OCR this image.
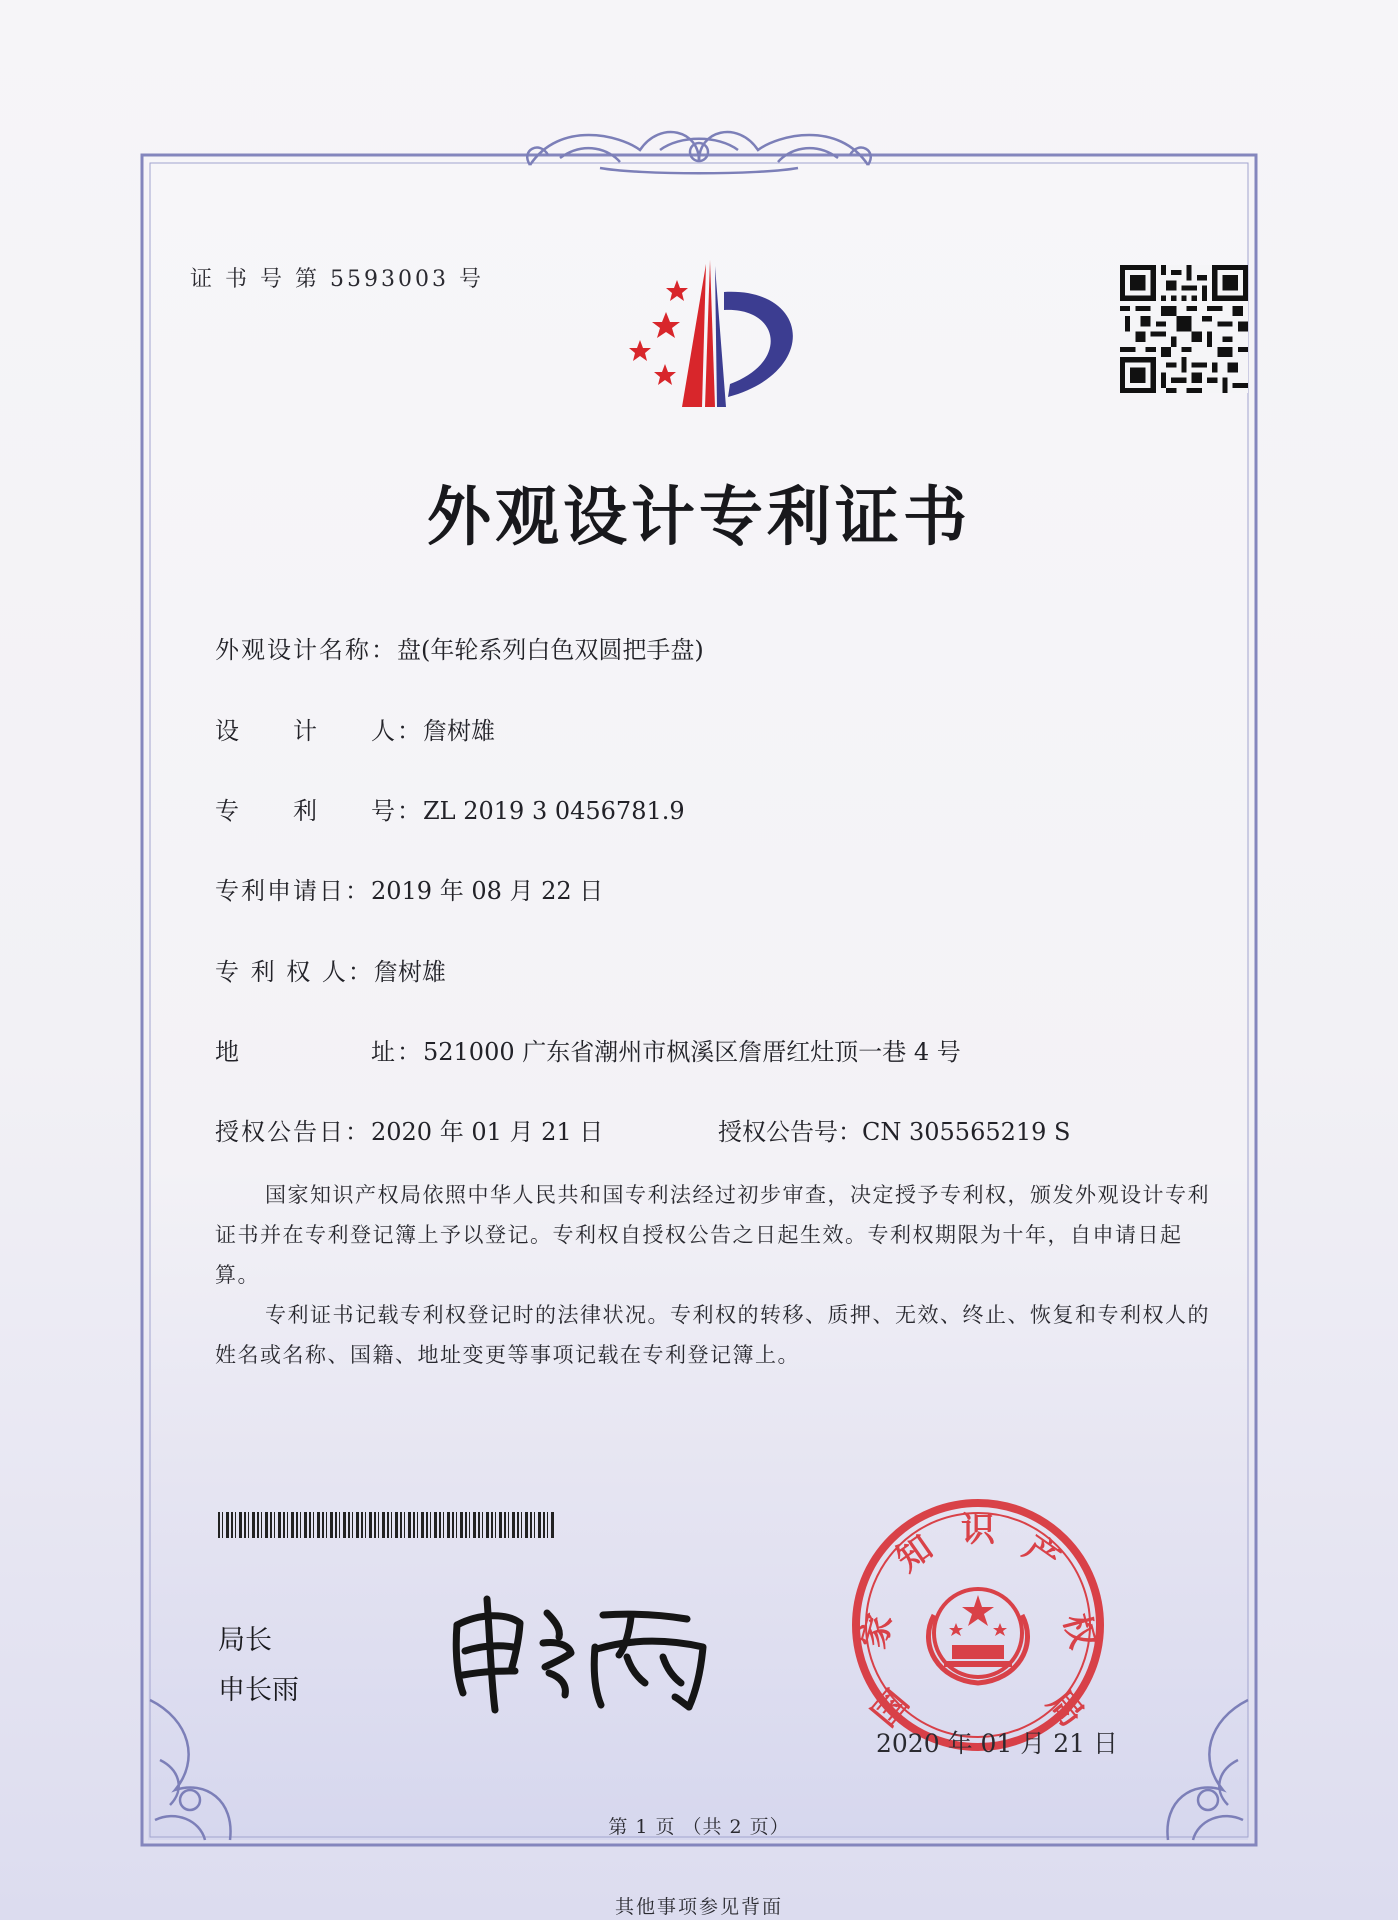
证 书 号 第 5593003 号

外观设计专利证书
外观设计名称：盘(年轮系列白色双圆把手盘)
设　　计　　人：詹树雄
专　　利　　号：ZL 2019 3 0456781.9
专利申请日：2019 年 08 月 22 日
专 利 权 人：詹树雄
地　　　　　址：521000 广东省潮州市枫溪区詹厝红灶顶一巷 4 号
授权公告日：2020 年 01 月 21 日	授权公告号：CN 305565219 S

国家知识产权局依照中华人民共和国专利法经过初步审查，决定授予专利权，颁发外观设计专利证书并在专利登记簿上予以登记。专利权自授权公告之日起生效。专利权期限为十年，自申请日起算。

专利证书记载专利权登记时的法律状况。专利权的转移、质押、无效、终止、恢复和专利权人的姓名或名称、国籍、地址变更等事项记载在专利登记簿上。

局长

申长雨	国
家
知 识 产
权
局

2020 年 01 月 21 日

第 1 页 （共 2 页）

其他事项参见背面
